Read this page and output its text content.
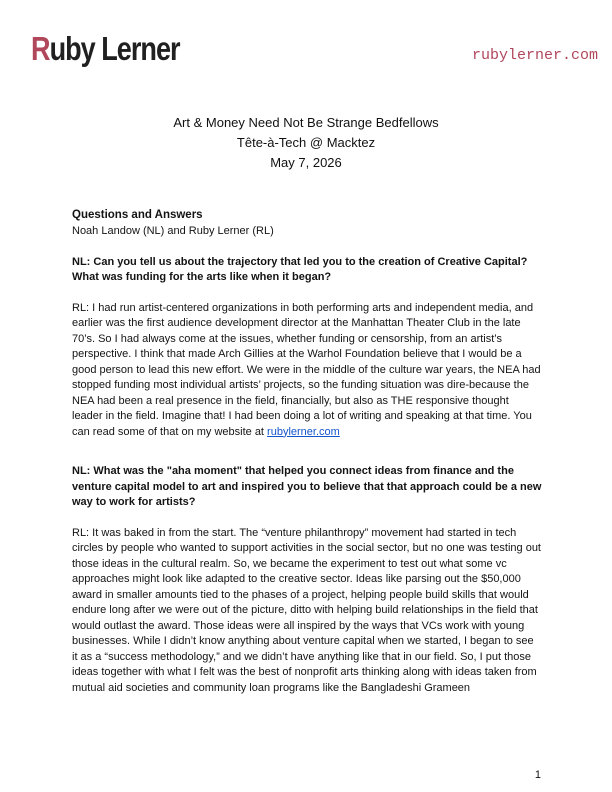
Ruby Lerner	rubylerner.com
Art & Money Need Not Be Strange Bedfellows
Tête-à-Tech @ Macktez
May 7, 2026
Questions and Answers
Noah Landow (NL) and Ruby Lerner (RL)
NL: Can you tell us about the trajectory that led you to the creation of Creative Capital? What was funding for the arts like when it began?
RL: I had run artist-centered organizations in both performing arts and independent media, and earlier was the first audience development director at the Manhattan Theater Club in the late 70’s. So I had always come at the issues, whether funding or censorship, from an artist’s perspective. I think that made Arch Gillies at the Warhol Foundation believe that I would be a good person to lead this new effort. We were in the middle of the culture war years, the NEA had stopped funding most individual artists’ projects, so the funding situation was dire-because the NEA had been a real presence in the field, financially, but also as THE responsive thought leader in the field. Imagine that! I had been doing a lot of writing and speaking at that time. You can read some of that on my website at rubylerner.com
NL: What was the "aha moment" that helped you connect ideas from finance and the venture capital model to art and inspired you to believe that that approach could be a new way to work for artists?
RL: It was baked in from the start. The “venture philanthropy” movement had started in tech circles by people who wanted to support activities in the social sector, but no one was testing out those ideas in the cultural realm. So, we became the experiment to test out what some vc approaches might look like adapted to the creative sector. Ideas like parsing out the $50,000 award in smaller amounts tied to the phases of a project, helping people build skills that would endure long after we were out of the picture, ditto with helping build relationships in the field that would outlast the award. Those ideas were all inspired by the ways that VCs work with young businesses. While I didn’t know anything about venture capital when we started, I began to see it as a “success methodology,” and we didn’t have anything like that in our field. So, I put those ideas together with what I felt was the best of nonprofit arts thinking along with ideas taken from mutual aid societies and community loan programs like the Bangladeshi Grameen
1
